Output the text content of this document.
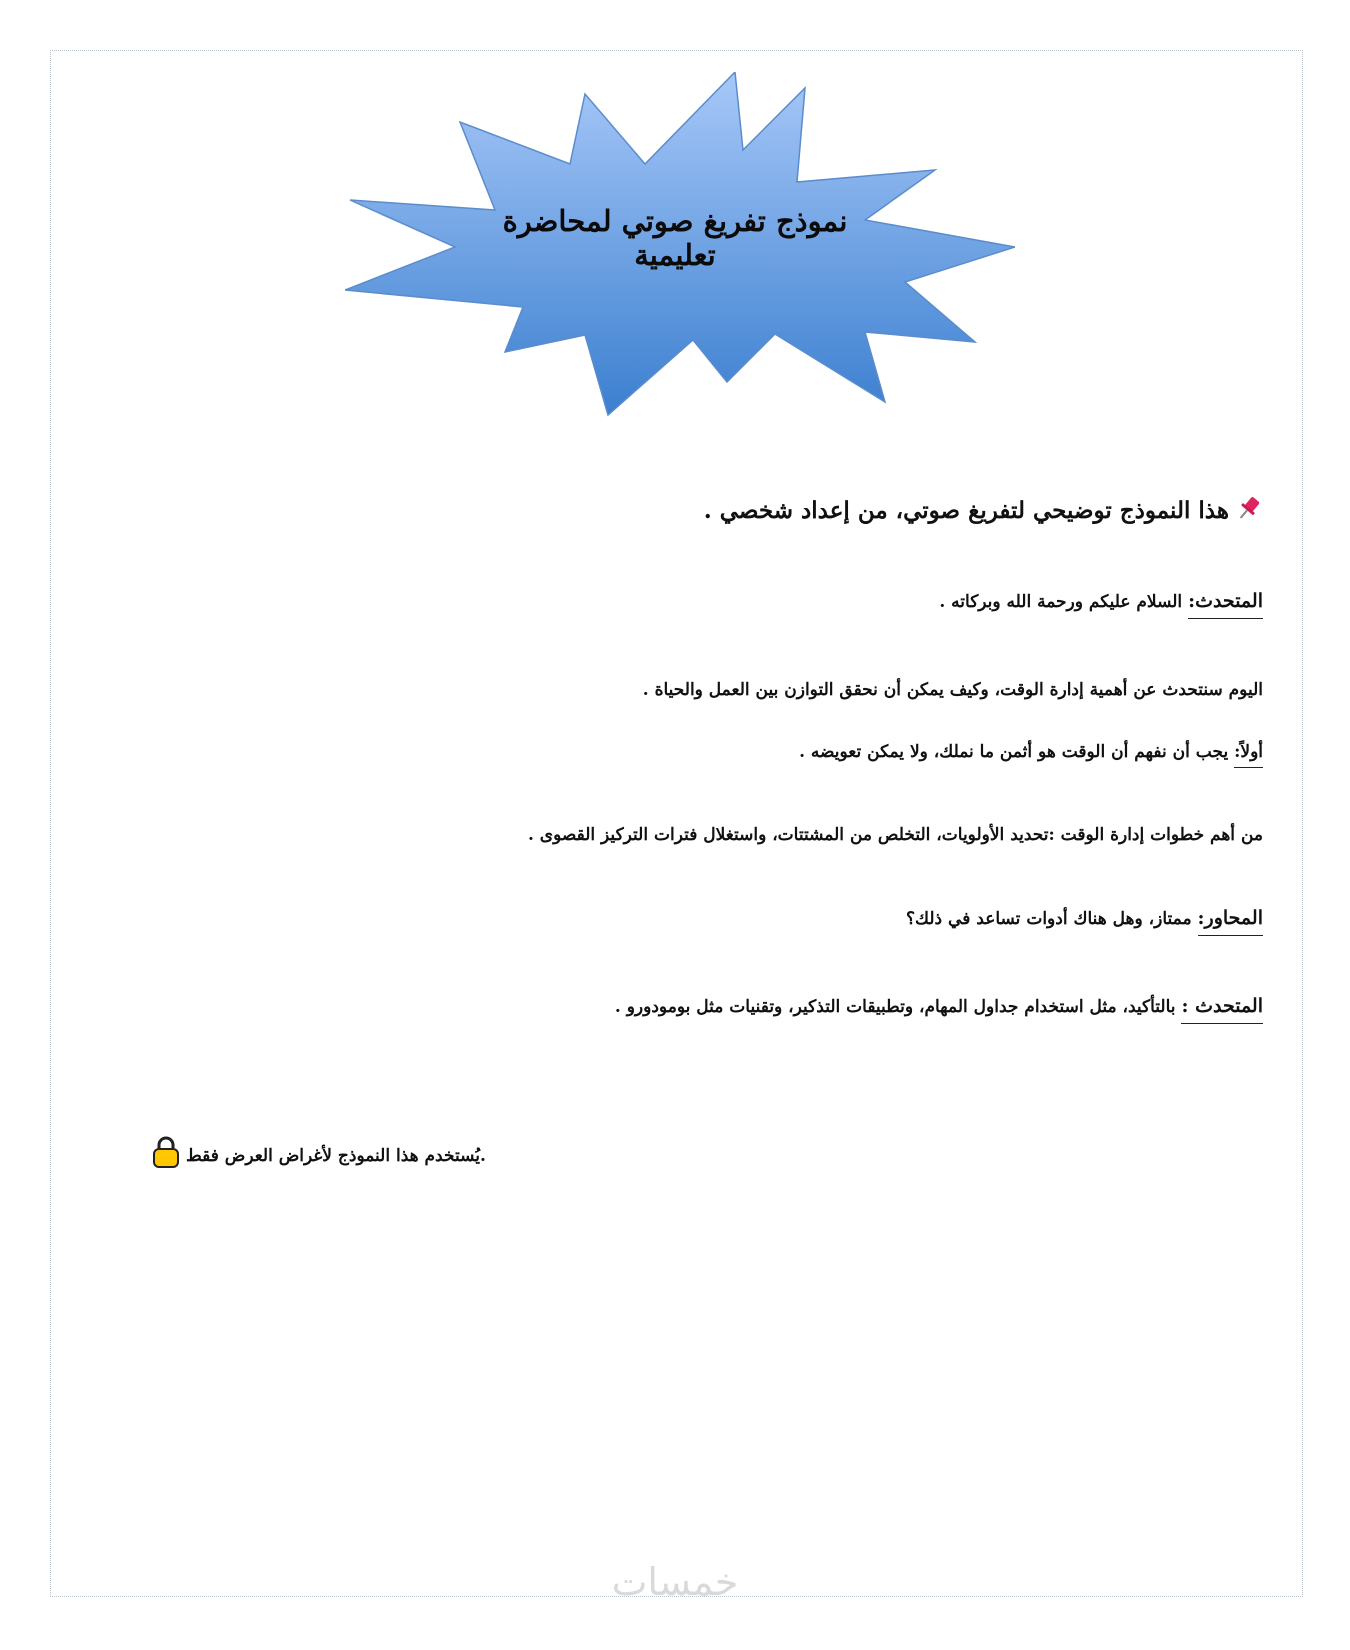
نموذج تفريغ صوتي لمحاضرة تعليمية
هذا النموذج توضيحي لتفريغ صوتي، من إعداد شخصي .
المتحدث: السلام عليكم ورحمة الله وبركاته .
اليوم سنتحدث عن أهمية إدارة الوقت، وكيف يمكن أن نحقق التوازن بين العمل والحياة .
أولاً: يجب أن نفهم أن الوقت هو أثمن ما نملك، ولا يمكن تعويضه .
من أهم خطوات إدارة الوقت :تحديد الأولويات، التخلص من المشتتات، واستغلال فترات التركيز القصوى .
المحاور: ممتاز، وهل هناك أدوات تساعد في ذلك؟
المتحدث : بالتأكيد، مثل استخدام جداول المهام، وتطبيقات التذكير، وتقنيات مثل بومودورو .
.يُستخدم هذا النموذج لأغراض العرض فقط
خمسات
